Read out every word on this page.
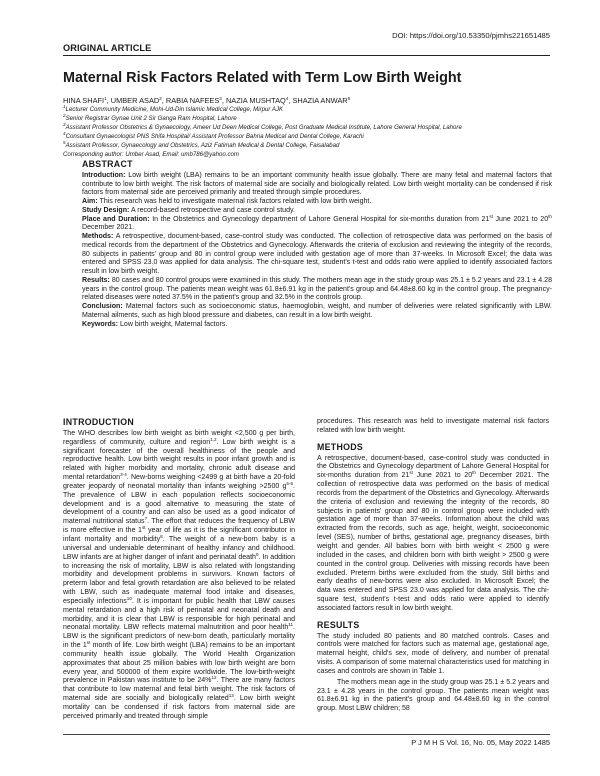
DOI: https://doi.org/10.53350/pjmhs221651485
ORIGINAL ARTICLE
Maternal Risk Factors Related with Term Low Birth Weight
HINA SHAFI$^1$, UMBER ASAD$^2$, RABIA NAFEES$^3$, NAZIA MUSHTAQ$^4$, SHAZIA ANWAR$^5$
$^1$Lecturer Community Medicine, Mohi-Ud-Din Islamic Medical College, Mirpur AJK
$^2$Senior Registrar Gynae Unit 2 Sir Ganga Ram Hospital, Lahore
$^3$Assistant Professor Obstetrics & Gynaecology, Ameer Ud Deen Medical College, Post Graduate Medical Institute, Lahore General Hospital, Lahore
$^4$Consultant Gynaecologist PNS Shifa Hospital/ Assistant Professor Bahria Medical and Dental College, Karachi
$^5$Assistant Professor, Gynaecology and Obstetrics, Aziz Fatimah Medical & Dental College, Faisalabad
Corresponding author: Umber Asad, Email: umb786@yahoo.com
ABSTRACT

Introduction: Low birth weight (LBA) remains to be an important community health issue globally. There are many fetal and maternal factors that contribute to low birth weight. The risk factors of maternal side are socially and biologically related. Low birth weight mortality can be condensed if risk factors from maternal side are perceived primarily and treated through simple procedures.

Aim: This research was held to investigate maternal risk factors related with low birth weight.

Study Design: A record-based retrospective and case control study.

Place and Duration: In the Obstetrics and Gynecology department of Lahore General Hospital for six-months duration from 21st June 2021 to 20th December 2021.

Methods: A retrospective, document-based, case-control study was conducted. The collection of retrospective data was performed on the basis of medical records from the department of the Obstetrics and Gynecology. Afterwards the criteria of exclusion and reviewing the integrity of the records, 80 subjects in patients' group and 80 in control group were included with gestation age of more than 37-weeks. In Microsoft Excel; the data was entered and SPSS 23.0 was applied for data analysis. The chi-square test, student's t-test and odds ratio were applied to identify associated factors result in low birth weight.

Results: 80 cases and 80 control groups were examined in this study. The mothers mean age in the study group was 25.1 ± 5.2 years and 23.1 ± 4.28 years in the control group. The patients mean weight was 61.8±6.91 kg in the patient's group and 64.48±8.60 kg in the control group. The pregnancy-related diseases were noted 37.5% in the patient's group and 32.5% in the controls group.

Conclusion: Maternal factors such as socioeconomic status, haemoglobin, weight, and number of deliveries were related significantly with LBW. Maternal ailments, such as high blood pressure and diabetes, can result in a low birth weight.

Keywords: Low birth weight, Maternal factors.

INTRODUCTION

The WHO describes low birth weight as birth weight <2,500 g per birth, regardless of community, culture and region$^{1,2}$. Low birth weight is a significant forecaster of the overall healthiness of the people and reproductive health. Low birth weight results in poor infant growth and is related with higher morbidity and mortality, chronic adult disease and mental retardation$^{3-4}$. New-borns weighing <2499 g at birth have a 20-fold greater jeopardy of neonatal mortality than infants weighing >2500 $g^{5-6}$. The prevalence of LBW in each population reflects socioeconomic development and is a good alternative to measuring the state of development of a country and can also be used as a good indicator of maternal nutritional status$^7$. The effort that reduces the frequency of LBW is more effective in the 1st year of life as it is the significant contributor in infant mortality and morbidity$^8$. The weight of a new-born baby is a universal and undeniable determinant of healthy infancy and childhood. LBW infants are at higher danger of infant and perinatal death$^9$. In addition to increasing the risk of mortality, LBW is also related with longstanding morbidity and development problems in survivors. Known factors of preterm labor and fetal growth retardation are also believed to be related with LBW, such as inadequate maternal food intake and diseases, especially infections$^{10}$. It is important for public health that LBW causes mental retardation and a high risk of perinatal and neonatal death and morbidity, and it is clear that LBW is responsible for high perinatal and neonatal mortality. LBW reflects maternal malnutrition and poor health$^{11}$. LBW is the significant predictors of new-born death, particularly mortality in the 1st month of life. Low birth weight (LBA) remains to be an important community health issue globally. The World Health Organization approximates that about 25 million babies with low birth weight are born every year, and 500000 of them expire worldwide. The low-birth-weight prevalence in Pakistan was institute to be 24%$^{12}$. There are many factors that contribute to low maternal and fetal birth weight. The risk factors of maternal side are socially and biologically related$^{13}$. Low birth weight mortality can be condensed if risk factors from maternal side are perceived primarily and treated through simple

procedures. This research was held to investigate maternal risk factors related with low birth weight.

METHODS

A retrospective, document-based, case-control study was conducted in the Obstetrics and Gynecology department of Lahore General Hospital for six-months duration from 21st June 2021 to 20th December 2021. The collection of retrospective data was performed on the basis of medical records from the department of the Obstetrics and Gynecology. Afterwards the criteria of exclusion and reviewing the integrity of the records, 80 subjects in patients' group and 80 in control group were included with gestation age of more than 37-weeks. Information about the child was extracted from the records, such as age, height, weight, socioeconomic level (SES), number of births, gestational age, pregnancy diseases, birth weight and gender. All babies born with birth weight < 2500 g were included in the cases, and children born with birth weight > 2500 g were counted in the control group. Deliveries with missing records have been excluded. Preterm births were excluded from the study. Still births and early deaths of new-borns were also excluded. In Microsoft Excel; the data was entered and SPSS 23.0 was applied for data analysis. The chi-square test, student's t-test and odds ratio were applied to identify associated factors result in low birth weight.

RESULTS

The study included 80 patients and 80 matched controls. Cases and controls were matched for factors such as maternal age, gestational age, maternal height, child's sex, mode of delivery, and number of prenatal visits. A comparison of some maternal characteristics used for matching in cases and controls are shown in Table 1.

The mothers mean age in the study group was 25.1 ± 5.2 years and 23.1 ± 4.28 years in the control group. The patients mean weight was 61.8±6.91 kg in the patient's group and 64.48±8.60 kg in the control group. Most LBW children; 58

P J M H S Vol. 16, No. 05, May 2022 1485
